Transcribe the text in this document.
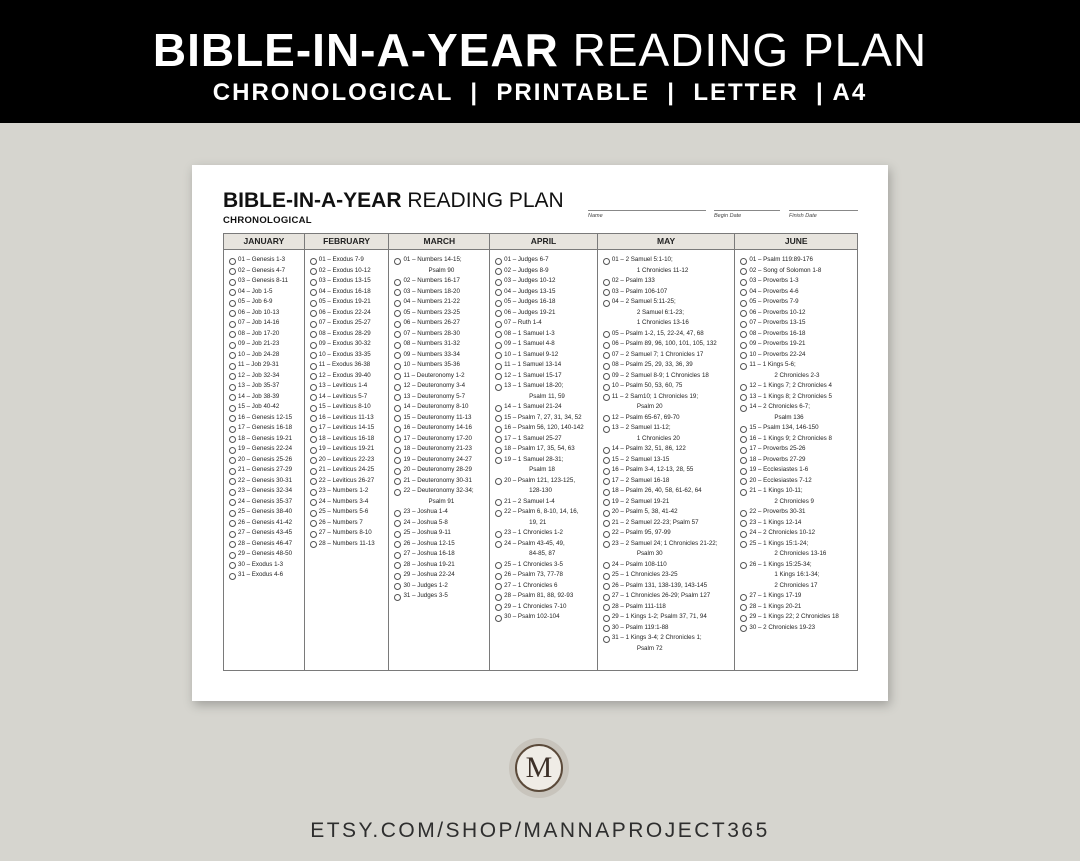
BIBLE-IN-A-YEAR READING PLAN
CHRONOLOGICAL  |  PRINTABLE  |  LETTER  | A4
BIBLE-IN-A-YEAR READING PLAN
CHRONOLOGICAL	Name	Begin Date	Finish Date
JANUARY
01 – Genesis 1-3
02 – Genesis 4-7
03 – Genesis 8-11
04 – Job 1-5
05 – Job 6-9
06 – Job 10-13
07 – Job 14-16
08 – Job 17-20
09 – Job 21-23
10 – Job 24-28
11 – Job 29-31
12 – Job 32-34
13 – Job 35-37
14 – Job 38-39
15 – Job 40-42
16 – Genesis 12-15
17 – Genesis 16-18
18 – Genesis 19-21
19 – Genesis 22-24
20 – Genesis 25-26
21 – Genesis 27-29
22 – Genesis 30-31
23 – Genesis 32-34
24 – Genesis 35-37
25 – Genesis 38-40
26 – Genesis 41-42
27 – Genesis 43-45
28 – Genesis 46-47
29 – Genesis 48-50
30 – Exodus 1-3
31 – Exodus 4-6
FEBRUARY
01 – Exodus 7-9
02 – Exodus 10-12
03 – Exodus 13-15
04 – Exodus 16-18
05 – Exodus 19-21
06 – Exodus 22-24
07 – Exodus 25-27
08 – Exodus 28-29
09 – Exodus 30-32
10 – Exodus 33-35
11 – Exodus 36-38
12 – Exodus 39-40
13 – Leviticus 1-4
14 – Leviticus 5-7
15 – Leviticus 8-10
16 – Leviticus 11-13
17 – Leviticus 14-15
18 – Leviticus 16-18
19 – Leviticus 19-21
20 – Leviticus 22-23
21 – Leviticus 24-25
22 – Leviticus 26-27
23 – Numbers 1-2
24 – Numbers 3-4
25 – Numbers 5-6
26 – Numbers 7
27 – Numbers 8-10
28 – Numbers 11-13
MARCH
01 – Numbers 14-15;
Psalm 90
02 – Numbers 16-17
03 – Numbers 18-20
04 – Numbers 21-22
05 – Numbers 23-25
06 – Numbers 26-27
07 – Numbers 28-30
08 – Numbers 31-32
09 – Numbers 33-34
10 – Numbers 35-36
11 – Deuteronomy 1-2
12 – Deuteronomy 3-4
13 – Deuteronomy 5-7
14 – Deuteronomy 8-10
15 – Deuteronomy 11-13
16 – Deuteronomy 14-16
17 – Deuteronomy 17-20
18 – Deuteronomy 21-23
19 – Deuteronomy 24-27
20 – Deuteronomy 28-29
21 – Deuteronomy 30-31
22 – Deuteronomy 32-34;
Psalm 91
23 – Joshua 1-4
24 – Joshua 5-8
25 – Joshua 9-11
26 – Joshua 12-15
27 – Joshua 16-18
28 – Joshua 19-21
29 – Joshua 22-24
30 – Judges 1-2
31 – Judges 3-5
APRIL
01 – Judges 6-7
02 – Judges 8-9
03 – Judges 10-12
04 – Judges 13-15
05 – Judges 16-18
06 – Judges 19-21
07 – Ruth 1-4
08 – 1 Samuel 1-3
09 – 1 Samuel 4-8
10 – 1 Samuel 9-12
11 – 1 Samuel 13-14
12 – 1 Samuel 15-17
13 – 1 Samuel 18-20;
Psalm 11, 59
14 – 1 Samuel 21-24
15 – Psalm 7, 27, 31, 34, 52
16 – Psalm 56, 120, 140-142
17 – 1 Samuel 25-27
18 – Psalm 17, 35, 54, 63
19 – 1 Samuel 28-31;
Psalm 18
20 – Psalm 121, 123-125,
128-130
21 – 2 Samuel 1-4
22 – Psalm 6, 8-10, 14, 16,
19, 21
23 – 1 Chronicles 1-2
24 – Psalm 43-45, 49,
84-85, 87
25 – 1 Chronicles 3-5
26 – Psalm 73, 77-78
27 – 1 Chronicles 6
28 – Psalm 81, 88, 92-93
29 – 1 Chronicles 7-10
30 – Psalm 102-104
MAY
01 – 2 Samuel 5:1-10;
1 Chronicles 11-12
02 – Psalm 133
03 – Psalm 106-107
04 – 2 Samuel 5:11-25;
2 Samuel 6:1-23;
1 Chronicles 13-16
05 – Psalm 1-2, 15, 22-24, 47, 68
06 – Psalm 89, 96, 100, 101, 105, 132
07 – 2 Samuel 7; 1 Chronicles 17
08 – Psalm 25, 29, 33, 36, 39
09 – 2 Samuel 8-9; 1 Chronicles 18
10 – Psalm 50, 53, 60, 75
11 – 2 Sam10; 1 Chronicles 19;
Psalm 20
12 – Psalm 65-67, 69-70
13 – 2 Samuel 11-12;
1 Chronicles 20
14 – Psalm 32, 51, 86, 122
15 – 2 Samuel 13-15
16 – Psalm 3-4, 12-13, 28, 55
17 – 2 Samuel 16-18
18 – Psalm 26, 40, 58, 61-62, 64
19 – 2 Samuel 19-21
20 – Psalm 5, 38, 41-42
21 – 2 Samuel 22-23; Psalm 57
22 – Psalm 95, 97-99
23 – 2 Samuel 24; 1 Chronicles 21-22;
Psalm 30
24 – Psalm 108-110
25 – 1 Chronicles 23-25
26 – Psalm 131, 138-139, 143-145
27 – 1 Chronicles 26-29; Psalm 127
28 – Psalm 111-118
29 – 1 Kings 1-2; Psalm 37, 71, 94
30 – Psalm 119:1-88
31 – 1 Kings 3-4; 2 Chronicles 1;
Psalm 72
JUNE
01 – Psalm 119:89-176
02 – Song of Solomon 1-8
03 – Proverbs 1-3
04 – Proverbs 4-6
05 – Proverbs 7-9
06 – Proverbs 10-12
07 – Proverbs 13-15
08 – Proverbs 16-18
09 – Proverbs 19-21
10 – Proverbs 22-24
11 – 1 Kings 5-6;
2 Chronicles 2-3
12 – 1 Kings 7; 2 Chronicles 4
13 – 1 Kings 8; 2 Chronicles 5
14 – 2 Chronicles 6-7;
Psalm 136
15 – Psalm 134, 146-150
16 – 1 Kings 9; 2 Chronicles 8
17 – Proverbs 25-26
18 – Proverbs 27-29
19 – Ecclesiastes 1-6
20 – Ecclesiastes 7-12
21 – 1 Kings 10-11;
2 Chronicles 9
22 – Proverbs 30-31
23 – 1 Kings 12-14
24 – 2 Chronicles 10-12
25 – 1 Kings 15:1-24;
2 Chronicles 13-16
26 – 1 Kings 15:25-34;
1 Kings 16:1-34;
2 Chronicles 17
27 – 1 Kings 17-19
28 – 1 Kings 20-21
29 – 1 Kings 22; 2 Chronicles 18
30 – 2 Chronicles 19-23
M
ETSY.COM/SHOP/MANNAPROJECT365
